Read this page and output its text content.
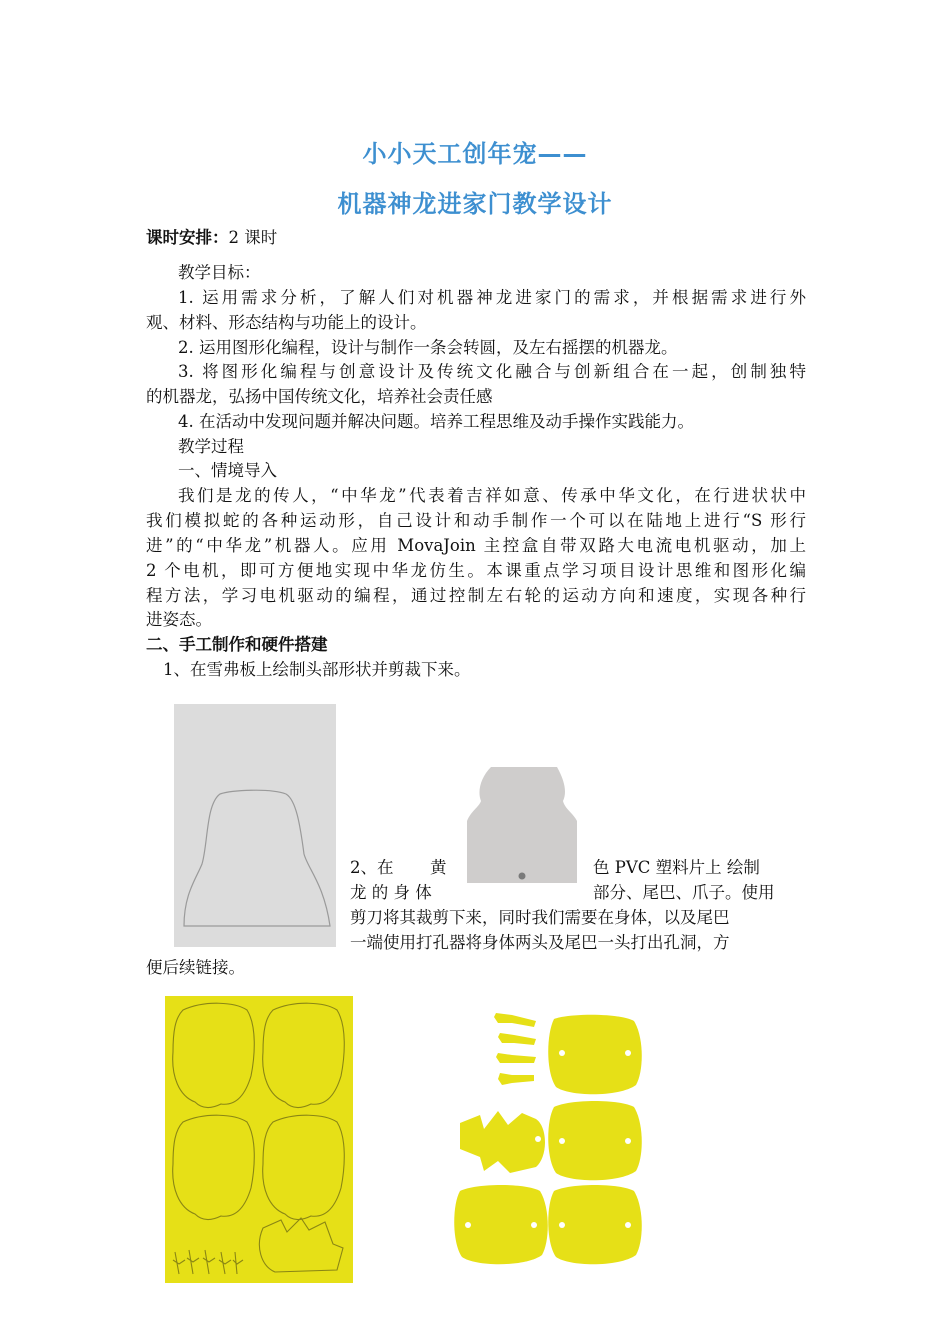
小小天工创年宠——
机器神龙进家门教学设计
课时安排：2 课时
教学目标：
1. 运用需求分析，了解人们对机器神龙进家门的需求，并根据需求进行外
观、材料、形态结构与功能上的设计。
2. 运用图形化编程，设计与制作一条会转圆，及左右摇摆的机器龙。
3. 将图形化编程与创意设计及传统文化融合与创新组合在一起，创制独特
的机器龙，弘扬中国传统文化，培养社会责任感
4. 在活动中发现问题并解决问题。培养工程思维及动手操作实践能力。
教学过程
一、情境导入
我们是龙的传人，“中华龙”代表着吉祥如意、传承中华文化，在行进状状中
我们模拟蛇的各种运动形，自己设计和动手制作一个可以在陆地上进行“S 形行
进”的“中华龙”机器人。应用 MovaJoin 主控盒自带双路大电流电机驱动，加上
2 个电机，即可方便地实现中华龙仿生。本课重点学习项目设计思维和图形化编
程方法，学习电机驱动的编程，通过控制左右轮的运动方向和速度，实现各种行
进姿态。
二、手工制作和硬件搭建
1、在雪弗板上绘制头部形状并剪裁下来。
2、在 黄	色 PVC 塑料片上 绘制
龙 的 身 体	部分、尾巴、爪子。使用
剪刀将其裁剪下来，同时我们需要在身体，以及尾巴
一端使用打孔器将身体两头及尾巴一头打出孔洞，方
便后续链接。
